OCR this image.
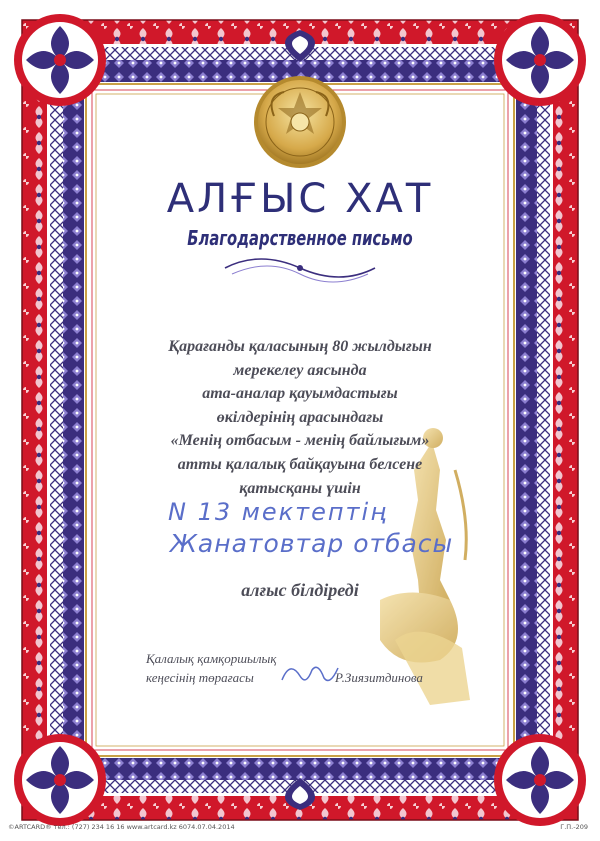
АЛҒЫС ХАТ
Благодарственное письмо
Қарағанды қаласының 80 жылдығын
мерекелеу аясында
ата-аналар қауымдастығы
өкілдерінің арасындағы
«Менің отбасым - менің байлығым»
атты қалалық байқауына белсене
қатысқаны үшін
N 13 мектептің
Жанатовтар отбасы
алғыс білдіреді
Қалалық қамқоршылық
кеңесінің төрағасы	Р.Зиязитдинова
©ARTCARD® тел.: (727) 234 16 16 www.artcard.kz 6074.07.04.2014	Г.П.-209
